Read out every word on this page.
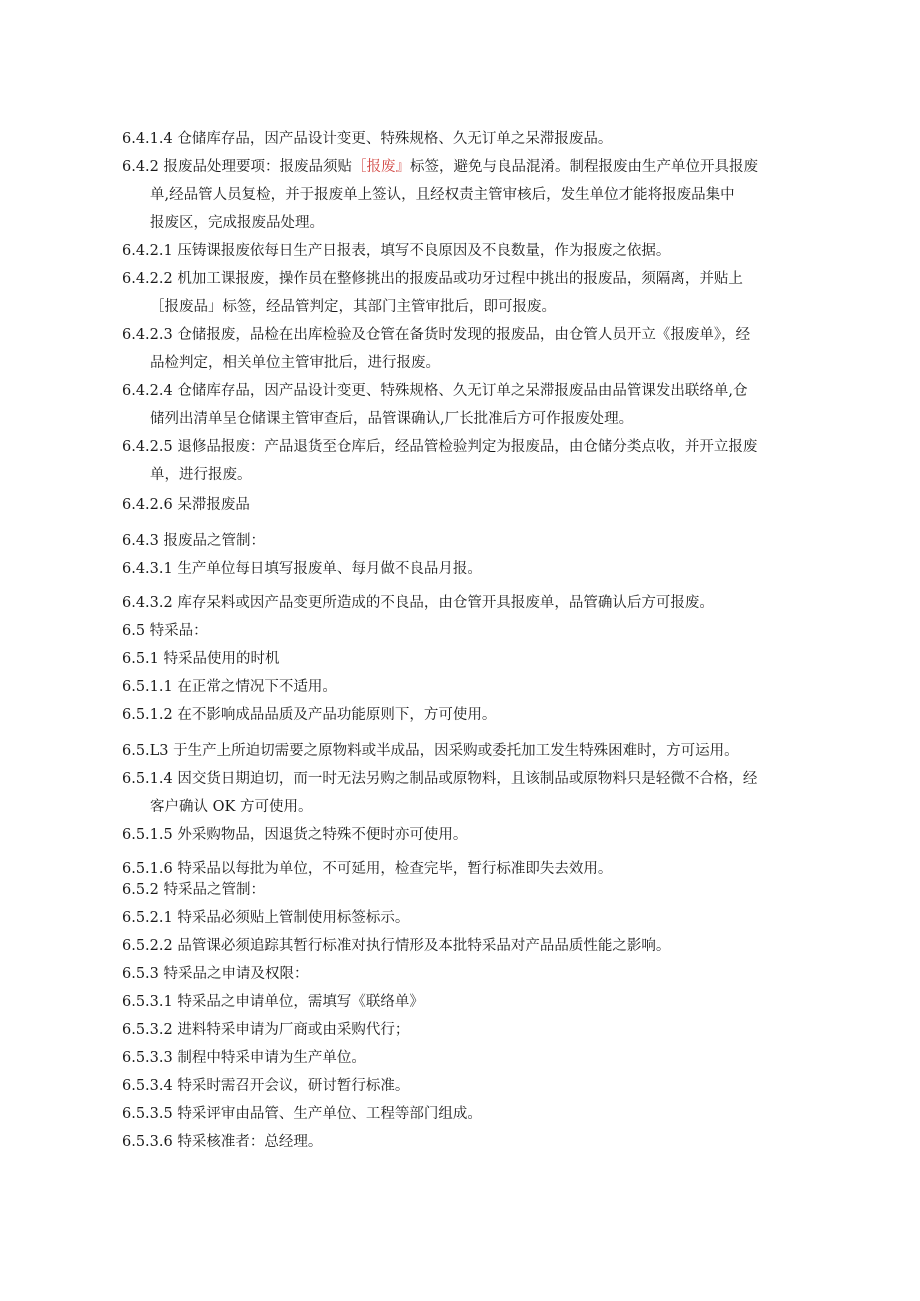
6.4.1.4 仓储库存品，因产品设计变更、特殊规格、久无订单之呆滞报废品。
6.4.2 报废品处理要项：报废品须贴［报废』标签，避免与良品混淆。制程报废由生产单位开具报废
单,经品管人员复检，并于报废单上签认，且经权责主管审核后，发生单位才能将报废品集中
报废区，完成报废品处理。
6.4.2.1 压铸课报废依每日生产日报表，填写不良原因及不良数量，作为报废之依据。
6.4.2.2 机加工课报废，操作员在整修挑出的报废品或功牙过程中挑出的报废品，须隔离，并贴上
［报废品」标签，经品管判定，其部门主管审批后，即可报废。
6.4.2.3 仓储报废，品检在出库检验及仓管在备货时发现的报废品，由仓管人员开立《报废单》，经
品检判定，相关单位主管审批后，进行报废。
6.4.2.4 仓储库存品，因产品设计变更、特殊规格、久无订单之呆滞报废品由品管课发出联络单,仓
储列出清单呈仓储课主管审查后，品管课确认,厂长批准后方可作报废处理。
6.4.2.5 退修品报废：产品退货至仓库后，经品管检验判定为报废品，由仓储分类点收，并开立报废
单，进行报废。
6.4.2.6 呆滞报废品
6.4.3 报废品之管制：
6.4.3.1 生产单位每日填写报废单、每月做不良品月报。
6.4.3.2 库存呆料或因产品变更所造成的不良品，由仓管开具报废单，品管确认后方可报废。
6.5 特采品：
6.5.1 特采品使用的时机
6.5.1.1 在正常之情况下不适用。
6.5.1.2 在不影响成品品质及产品功能原则下，方可使用。
6.5.L3 于生产上所迫切需要之原物料或半成品，因采购或委托加工发生特殊困难时，方可运用。
6.5.1.4 因交货日期迫切，而一时无法另购之制品或原物料，且该制品或原物料只是轻微不合格，经
客户确认 OK 方可使用。
6.5.1.5 外采购物品，因退货之特殊不便时亦可使用。
6.5.1.6 特采品以每批为单位，不可延用，检查完毕，暂行标准即失去效用。
6.5.2 特采品之管制：
6.5.2.1 特采品必须贴上管制使用标签标示。
6.5.2.2 品管课必须追踪其暂行标准对执行情形及本批特采品对产品品质性能之影响。
6.5.3 特采品之申请及权限：
6.5.3.1 特采品之申请单位，需填写《联络单》
6.5.3.2 进料特采申请为厂商或由采购代行；
6.5.3.3 制程中特采申请为生产单位。
6.5.3.4 特采时需召开会议，研讨暂行标准。
6.5.3.5 特采评审由品管、生产单位、工程等部门组成。
6.5.3.6 特采核准者：总经理。
